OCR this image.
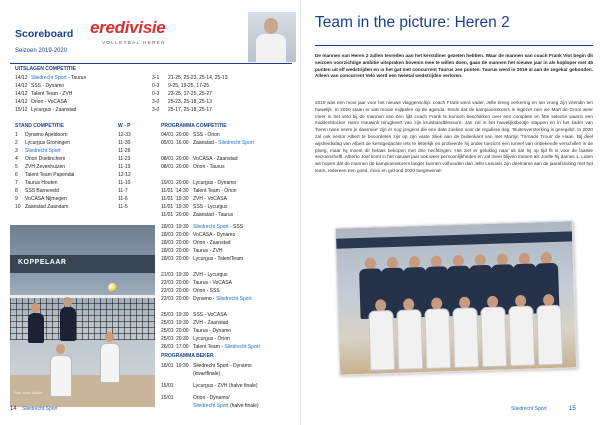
Scoreboard
Seizoen 2019-2020
eredivisie
VOLLEYBAL HEREN
UITSLAGEN COMPETITIE
14/12 Sliedrecht Sport - Taurus	3-1 21-25, 25-23, 25-14, 25-13
14/12 SSS - Dynamo	0-3 9-25, 19-25, 17-25
14/12 Talent Team - ZVH	0-3 23-25, 17-25, 25-27
14/12 Orion - VoCASA	3-0 25-23, 25-18, 25-13
15/12 Lycurgus - Zaanstad	3-0 25-17, 25-18, 25-17
STAND COMPETITIE	W - P	PROGRAMMA COMPETITIE
1 Dynamo Apeldoorn	12-33
2 Lycurgus Groningen	11-30
3 Sliedrecht Sport	11-26
4 Orion Doetinchem	11-23
5 ZVH Zevenhuizen	11-19
6 Talent Team Papendal	12-12
7 Taurus Houten	11-10
8 SSS Barneveld	11-7
9 VoCASA Nijmegen	11-6
10 Zaanstad Zaandam	11-5
04/01 20:00 SSS - Orion
05/01 16:00 Zaanstad - Sliedrecht Sport
08/01 20:00 VoCASA - Zaanstad
08/01 20:00 Orion - Taurus
10/01 20:00 Lycurgus - Dynamo
11/01 14:30 Talent Team - Orion
11/01 19:30 ZVH - VoCASA
11/01 19:30 SSS - Lycurgus
11/01 20:00 Zaanstad - Taurus
18/01 19:30 Sliedrecht Sport - SSS
18/01 20:00 VoCASA - Dynamo
18/01 20:00 Orion - Zaanstad
18/01 20:00 Taurus - ZVH
18/01 20:00 Lycurgus - TalentTeam
21/01 19:30 ZVH - Lycurgus
22/01 20:00 Taurus - VoCASA
22/01 20:00 Orion - SSS
22/01 20:00 Dynamo - Sliedrecht Sport
25/01 19:30 SSS - VoCASA
25/01 19:30 ZVH - Zaanstad
25/01 20:00 Taurus - Dynamo
25/01 20:30 Lycurgus - Orion
26/01 17:00 Talent Team - Sliedrecht Sport
PROGRAMMA BEKER
18/01 19:30 Sliedrecht Sport - Dynamo
(kwartfinale)
15/01	Lycurgus - ZVH (halve finale)
15/01	Orion - Dynamo/
Sliedrecht Sport (halve finale)
KOPPELAAR
Foto: Kees Mulder
14 Sliedrecht Sport
Team in the picture: Heren 2

De mannen van Heren 2 zullen tevreden aan het kerstdiner gezeten hebben. Waar de mannen van coach Frank Vlot begin dit seizoen voorzichtige ambitie uitspraken bovenin mee te willen doen, gaan de mannen het nieuwe jaar in als koploper met 45 punten uit elf wedstrijden en is het gat met concurrent Taurus zes punten. Taurus werd in 2019 al aan de zegekar gebonden. Alleen van concurrent Velo werd een tweetal wedstrijden verloren.

2019 was een mooi jaar voor het nieuwe vlaggenschip: coach Frank werd vader, Jelle kreeg verkering en Ian vroeg zijn vriendin ten huwelijk. In 2020 staan er wat mooie mijlpalen op de agenda. Sinds dat de kampioenskoers is ingezet zien we Mart de Groot weer meer in het veld bij de mannen van Zen lijkt coach Frank te kunnen beschikken over een complete en fitte selectie waarin een middenblocker Harm Houwink terugkeert van zijn kruisbandblessure. Jan zal in het huwelijksbootje stappen en in het kader van 'heren twee neem je daarmee' zijn er nog jongens die een date zoeken voor de reguliere dag. 'Buitenversterking is geregeld'. In 2020 zal ook nestor Albert te beoordelen zijn op zijn vaste Sliek aan de buitenkant van met Martijn 'Tornado Trous' de Haan. Bij deel wijsheidsdag van Albert de kerstgedachte iets te letterlijk en probeerde hij onder toezicht een toneel van onbekende verschillen in de ploeg, maar hij moest dit helaas bekopen met drie hechtingen. Het ziet er gelukkig naar uit dat hij op tijd fit is voor de laatste seizoenshelft. Alberto Joel komt in het nieuwe jaar ook weer persoonlijkheden en zal meer blijven trainen als Joelle hij dames 1. Laten we hopen dat de mannen de kampioenskoers langer kunnen volhouden dan Jelle Leeuwis zijn deelname aan de jaarafsluiting met het team. Iedereen een goed, mooi en gezond 2020 toegewenst!

Sliedrecht Sport	15
